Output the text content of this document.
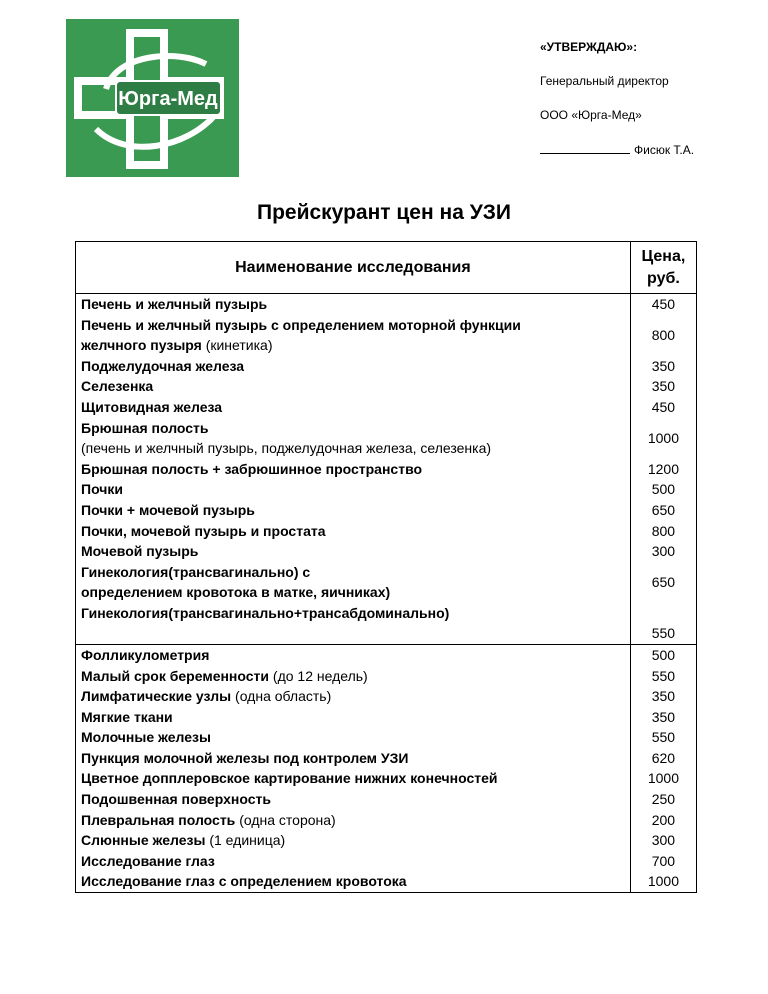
Юрга-Мед
«УТВЕРЖДАЮ»:
Генеральный директор
ООО «Юрга-Мед»
Фисюк Т.А.
Прейскурант цен на УЗИ
Наименование исследования	Цена,
руб.
Печень и желчный пузырь	450
Печень и желчный пузырь с определением моторной функции
желчного пузыря (кинетика)	800
Поджелудочная железа	350
Селезенка	350
Щитовидная железа	450
Брюшная полость
(печень и желчный пузырь, поджелудочная железа, селезенка)	1000
Брюшная полость + забрюшинное пространство	1200
Почки	500
Почки + мочевой пузырь	650
Почки, мочевой пузырь и простата	800
Мочевой пузырь	300
Гинекология(трансвагинально) с
определением кровотока в матке, яичниках)	650
Гинекология(трансвагинально+трансабдоминально)	550
Фолликулометрия	500
Малый срок беременности (до 12 недель)	550
Лимфатические узлы (одна область)	350
Мягкие ткани	350
Молочные железы	550
Пункция молочной железы под контролем УЗИ	620
Цветное допплеровское картирование нижних конечностей	1000
Подошвенная поверхность	250
Плевральная полость (одна сторона)	200
Слюнные железы (1 единица)	300
Исследование глаз	700
Исследование глаз с определением кровотока	1000
